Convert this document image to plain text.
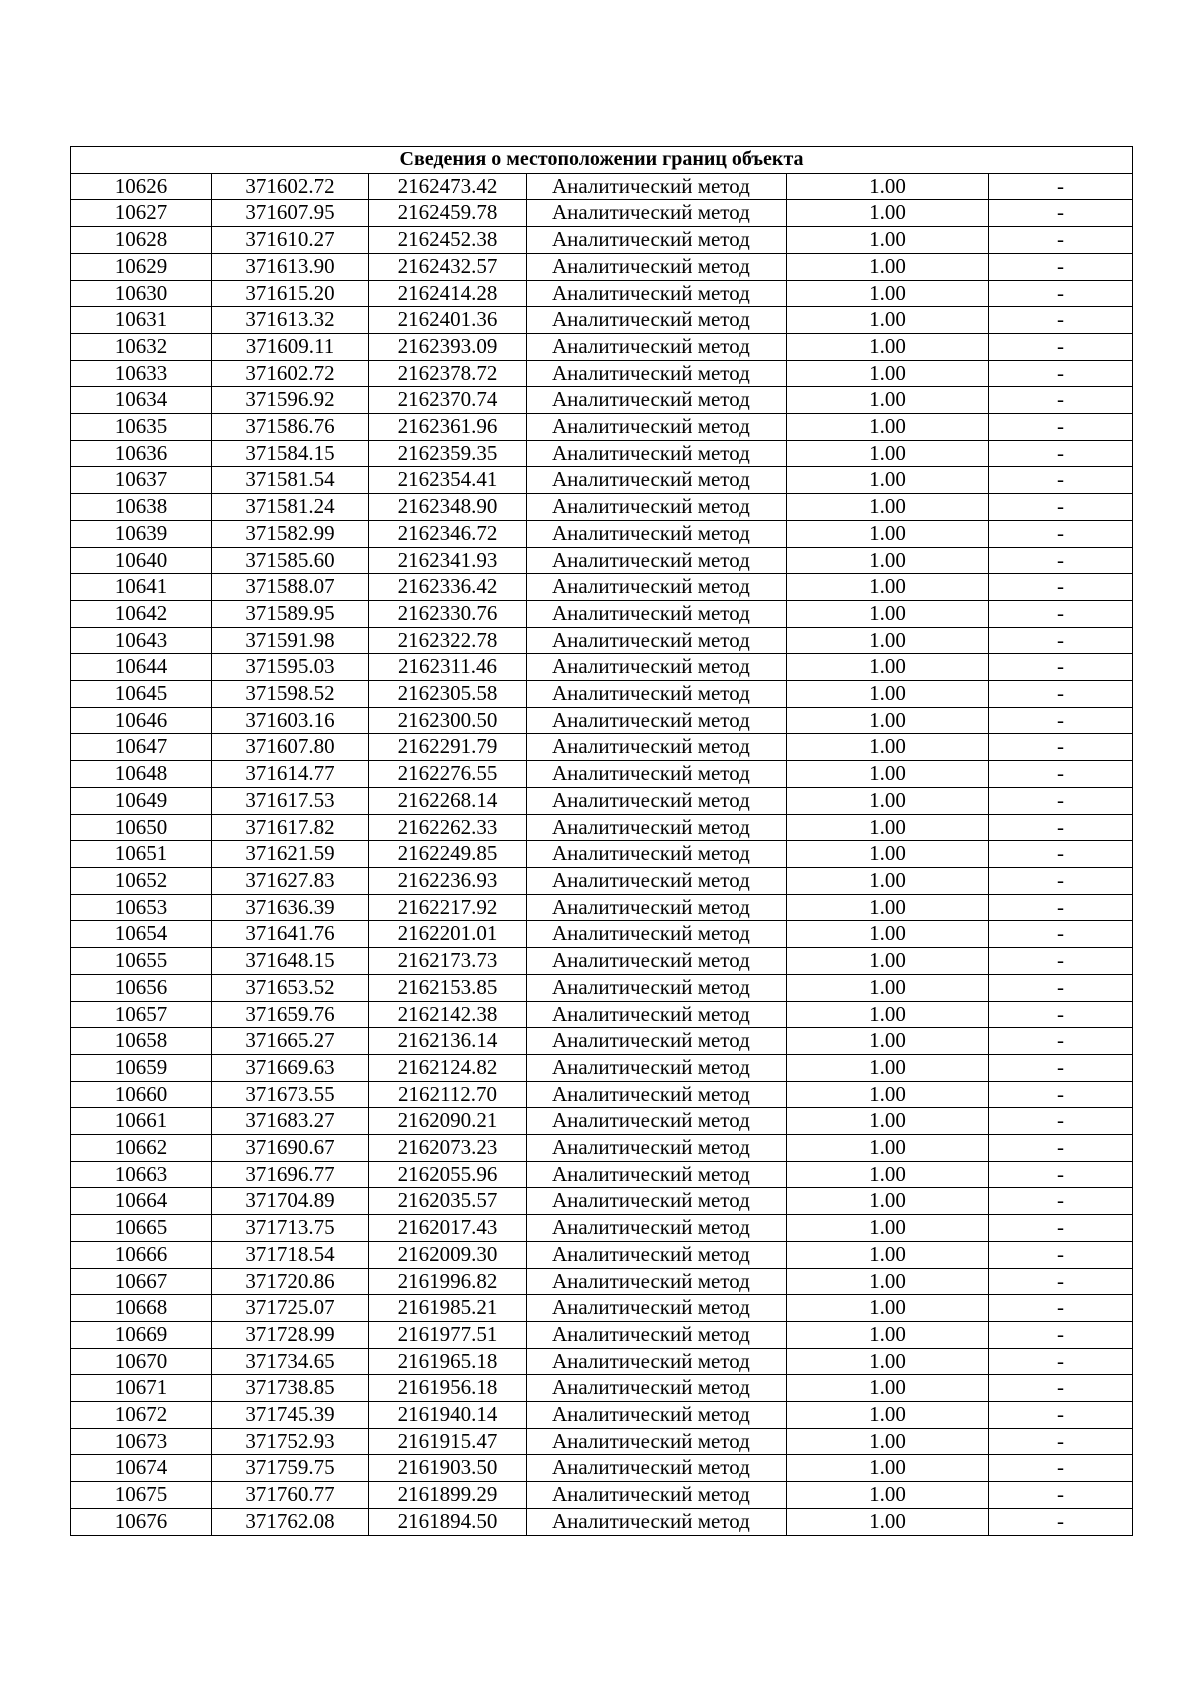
Сведения о местоположении границ объекта					
10626	371602.72	2162473.42	Аналитический метод	1.00	-
10627	371607.95	2162459.78	Аналитический метод	1.00	-
10628	371610.27	2162452.38	Аналитический метод	1.00	-
10629	371613.90	2162432.57	Аналитический метод	1.00	-
10630	371615.20	2162414.28	Аналитический метод	1.00	-
10631	371613.32	2162401.36	Аналитический метод	1.00	-
10632	371609.11	2162393.09	Аналитический метод	1.00	-
10633	371602.72	2162378.72	Аналитический метод	1.00	-
10634	371596.92	2162370.74	Аналитический метод	1.00	-
10635	371586.76	2162361.96	Аналитический метод	1.00	-
10636	371584.15	2162359.35	Аналитический метод	1.00	-
10637	371581.54	2162354.41	Аналитический метод	1.00	-
10638	371581.24	2162348.90	Аналитический метод	1.00	-
10639	371582.99	2162346.72	Аналитический метод	1.00	-
10640	371585.60	2162341.93	Аналитический метод	1.00	-
10641	371588.07	2162336.42	Аналитический метод	1.00	-
10642	371589.95	2162330.76	Аналитический метод	1.00	-
10643	371591.98	2162322.78	Аналитический метод	1.00	-
10644	371595.03	2162311.46	Аналитический метод	1.00	-
10645	371598.52	2162305.58	Аналитический метод	1.00	-
10646	371603.16	2162300.50	Аналитический метод	1.00	-
10647	371607.80	2162291.79	Аналитический метод	1.00	-
10648	371614.77	2162276.55	Аналитический метод	1.00	-
10649	371617.53	2162268.14	Аналитический метод	1.00	-
10650	371617.82	2162262.33	Аналитический метод	1.00	-
10651	371621.59	2162249.85	Аналитический метод	1.00	-
10652	371627.83	2162236.93	Аналитический метод	1.00	-
10653	371636.39	2162217.92	Аналитический метод	1.00	-
10654	371641.76	2162201.01	Аналитический метод	1.00	-
10655	371648.15	2162173.73	Аналитический метод	1.00	-
10656	371653.52	2162153.85	Аналитический метод	1.00	-
10657	371659.76	2162142.38	Аналитический метод	1.00	-
10658	371665.27	2162136.14	Аналитический метод	1.00	-
10659	371669.63	2162124.82	Аналитический метод	1.00	-
10660	371673.55	2162112.70	Аналитический метод	1.00	-
10661	371683.27	2162090.21	Аналитический метод	1.00	-
10662	371690.67	2162073.23	Аналитический метод	1.00	-
10663	371696.77	2162055.96	Аналитический метод	1.00	-
10664	371704.89	2162035.57	Аналитический метод	1.00	-
10665	371713.75	2162017.43	Аналитический метод	1.00	-
10666	371718.54	2162009.30	Аналитический метод	1.00	-
10667	371720.86	2161996.82	Аналитический метод	1.00	-
10668	371725.07	2161985.21	Аналитический метод	1.00	-
10669	371728.99	2161977.51	Аналитический метод	1.00	-
10670	371734.65	2161965.18	Аналитический метод	1.00	-
10671	371738.85	2161956.18	Аналитический метод	1.00	-
10672	371745.39	2161940.14	Аналитический метод	1.00	-
10673	371752.93	2161915.47	Аналитический метод	1.00	-
10674	371759.75	2161903.50	Аналитический метод	1.00	-
10675	371760.77	2161899.29	Аналитический метод	1.00	-
10676	371762.08	2161894.50	Аналитический метод	1.00	-
